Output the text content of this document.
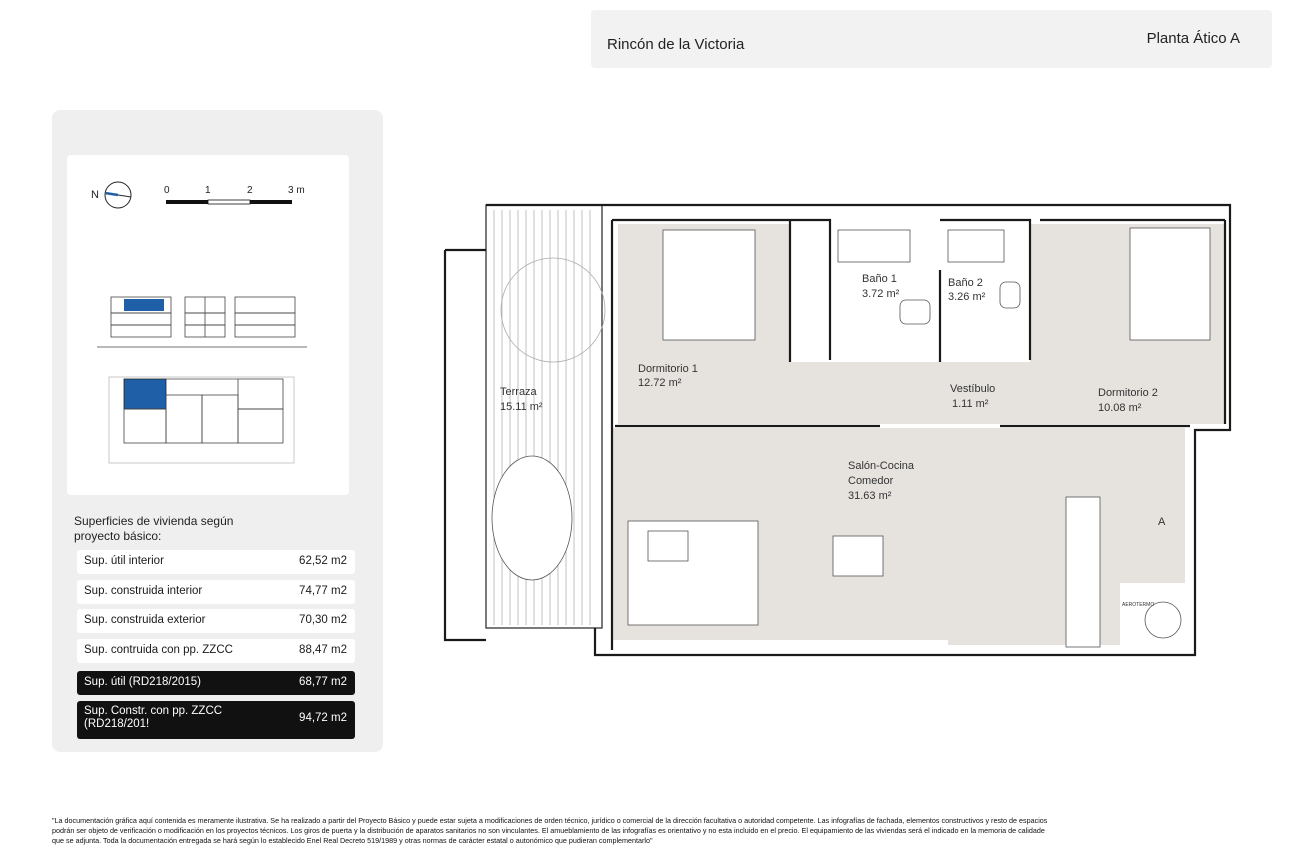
Rincón de la Victoria	Planta Ático A
N	0	1	2	3 m
Superficies de vivienda según proyecto básico:
Sup. útil interior	62,52 m2
Sup. construida interior	74,77 m2
Sup. construida exterior	70,30 m2
Sup. contruida con pp. ZZCC	88,47 m2
Sup. útil (RD218/2015)	68,77 m2
Sup. Constr. con pp. ZZCC (RD218/201!	94,72 m2
Terraza
15.11 m²
Dormitorio 1
12.72 m²
Baño 1
3.72 m²
Baño 2
3.26 m²
Vestíbulo
1.11 m²
Dormitorio 2
10.08 m²
Salón-Cocina
Comedor
31.63 m²
A
AEROTERMO

"La documentación gráfica aquí contenida es meramente ilustrativa. Se ha realizado a partir del Proyecto Básico y puede estar sujeta a modificaciones de orden técnico, jurídico o comercial de la dirección facultativa o autoridad competente. Las infografías de fachada, elementos constructivos y resto de espacios

podrán ser objeto de verificación o modificación en los proyectos técnicos. Los giros de puerta y la distribución de aparatos sanitarios no son vinculantes. El amueblamiento de las infografías es orientativo y no esta incluido en el precio. El equipamiento de las viviendas será el indicado en la memoria de calidade

que se adjunta. Toda la documentación entregada se hará según lo establecido Enel Real Decreto 519/1989 y otras normas de carácter estatal o autonómico que pudieran complementarlo"
